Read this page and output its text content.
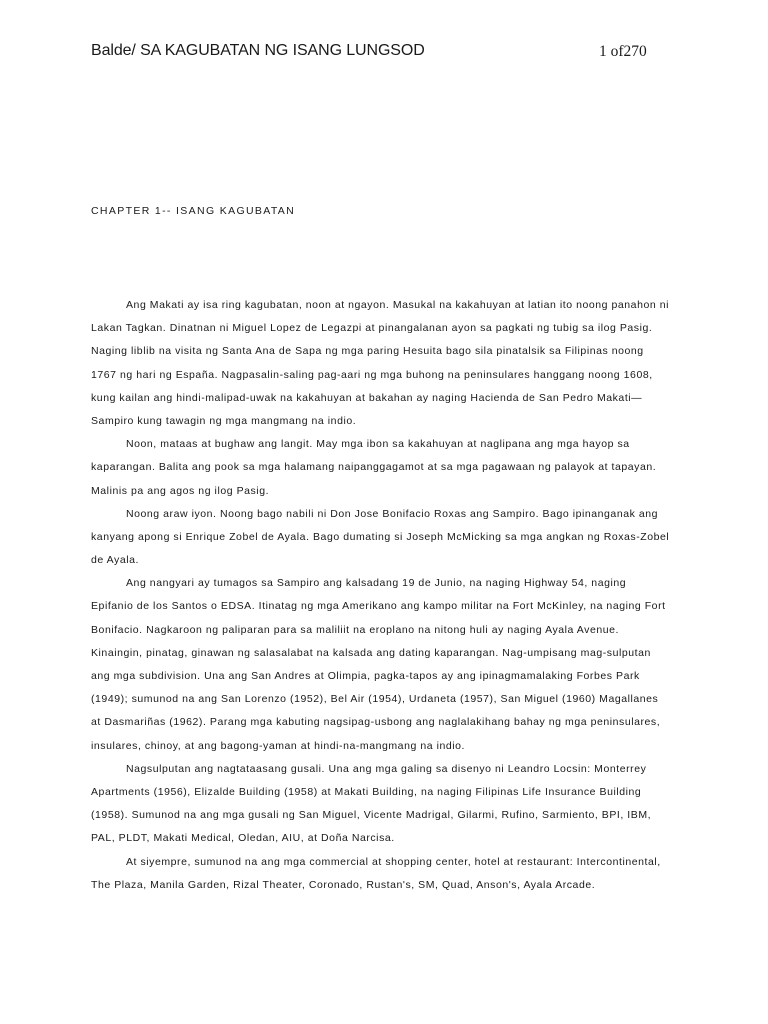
Balde/ SA KAGUBATAN NG ISANG LUNGSOD	1 of270
CHAPTER 1-- ISANG KAGUBATAN
Ang Makati ay isa ring kagubatan, noon at ngayon. Masukal na kakahuyan at latian ito noong panahon ni
Lakan Tagkan. Dinatnan ni Miguel Lopez de Legazpi at pinangalanan ayon sa pagkati ng tubig sa ilog Pasig.
Naging liblib na visita ng Santa Ana de Sapa ng mga paring Hesuita bago sila pinatalsik sa Filipinas noong
1767 ng hari ng España. Nagpasalin-saling pag-aari ng mga buhong na peninsulares hanggang noong 1608,
kung kailan ang hindi-malipad-uwak na kakahuyan at bakahan ay naging Hacienda de San Pedro Makati—
Sampiro kung tawagin ng mga mangmang na indio.
Noon, mataas at bughaw ang langit. May mga ibon sa kakahuyan at naglipana ang mga hayop sa
kaparangan. Balita ang pook sa mga halamang naipanggagamot at sa mga pagawaan ng palayok at tapayan.
Malinis pa ang agos ng ilog Pasig.
Noong araw iyon. Noong bago nabili ni Don Jose Bonifacio Roxas ang Sampiro. Bago ipinanganak ang
kanyang apong si Enrique Zobel de Ayala. Bago dumating si Joseph McMicking sa mga angkan ng Roxas-Zobel
de Ayala.
Ang nangyari ay tumagos sa Sampiro ang kalsadang 19 de Junio, na naging Highway 54, naging
Epifanio de los Santos o EDSA. Itinatag ng mga Amerikano ang kampo militar na Fort McKinley, na naging Fort
Bonifacio. Nagkaroon ng paliparan para sa maliliit na eroplano na nitong huli ay naging Ayala Avenue.
Kinaingin, pinatag, ginawan ng salasalabat na kalsada ang dating kaparangan. Nag-umpisang mag-sulputan
ang mga subdivision. Una ang San Andres at Olimpia, pagka-tapos ay ang ipinagmamalaking Forbes Park
(1949); sumunod na ang San Lorenzo (1952), Bel Air (1954), Urdaneta (1957), San Miguel (1960) Magallanes
at Dasmariñas (1962). Parang mga kabuting nagsipag-usbong ang naglalakihang bahay ng mga peninsulares,
insulares, chinoy, at ang bagong-yaman at hindi-na-mangmang na indio.
Nagsulputan ang nagtataasang gusali. Una ang mga galing sa disenyo ni Leandro Locsin: Monterrey
Apartments (1956), Elizalde Building (1958) at Makati Building, na naging Filipinas Life Insurance Building
(1958). Sumunod na ang mga gusali ng San Miguel, Vicente Madrigal, Gilarmi, Rufino, Sarmiento, BPI, IBM,
PAL, PLDT, Makati Medical, Oledan, AIU, at Doña Narcisa.
At siyempre, sumunod na ang mga commercial at shopping center, hotel at restaurant: Intercontinental,
The Plaza, Manila Garden, Rizal Theater, Coronado, Rustan's, SM, Quad, Anson's, Ayala Arcade.
